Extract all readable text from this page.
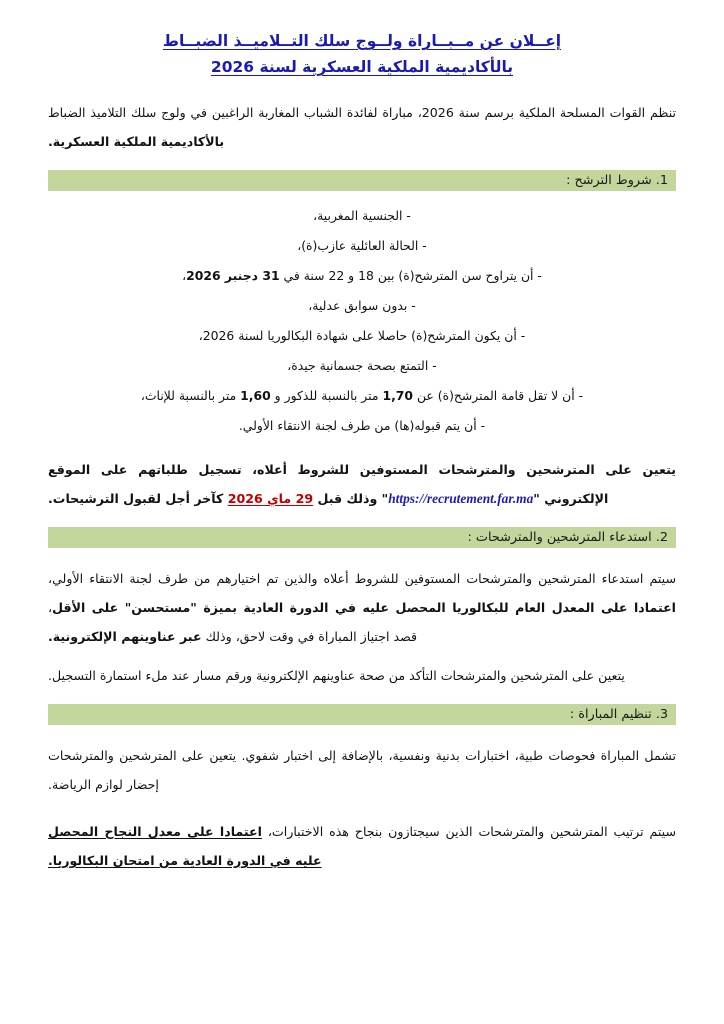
إعــلان عن مــبــاراة ولــوج سلك التــلاميــذ الضبــاط
بالأكاديمية الملكية العسكرية لسنة 2026

تنظم القوات المسلحة الملكية برسم سنة 2026، مباراة لفائدة الشباب المغاربة الراغبين في ولوج سلك التلاميذ الضباط بالأكاديمية الملكية العسكرية.

1. شروط الترشح :
- الجنسية المغربية،
- الحالة العائلية عازب(ة)،
- أن يتراوح سن المترشح(ة) بين 18 و 22 سنة في 31 دجنبر 2026،
- بدون سوابق عدلية،
- أن يكون المترشح(ة) حاصلا على شهادة البكالوريا لسنة 2026،
- التمتع بصحة جسمانية جيدة،
- أن لا تقل قامة المترشح(ة) عن 1,70 متر بالنسبة للذكور و 1,60 متر بالنسبة للإناث،
- أن يتم قبوله(ها) من طرف لجنة الانتقاء الأولي.

يتعين على المترشحين والمترشحات المستوفين للشروط أعلاه، تسجيل طلباتهم على الموقع الإلكتروني "https://recrutement.far.ma" وذلك قبل 29 ماي 2026 كآخر أجل لقبول الترشيحات.

2. استدعاء المترشحين والمترشحات :

سيتم استدعاء المترشحين والمترشحات المستوفين للشروط أعلاه والذين تم اختيارهم من طرف لجنة الانتقاء الأولي، اعتمادا على المعدل العام للبكالوريا المحصل عليه في الدورة العادية بميزة "مستحسن" على الأقل، قصد اجتياز المباراة في وقت لاحق، وذلك عبر عناوينهم الإلكترونية.

يتعين على المترشحين والمترشحات التأكد من صحة عناوينهم الإلكترونية ورقم مسار عند ملء استمارة التسجيل.

3. تنظيم المباراة :

تشمل المباراة فحوصات طبية، اختبارات بدنية ونفسية، بالإضافة إلى اختبار شفوي. يتعين على المترشحين والمترشحات إحضار لوازم الرياضة.

سيتم ترتيب المترشحين والمترشحات الذين سيجتازون بنجاح هذه الاختبارات، اعتمادا على معدل النجاح المحصل عليه في الدورة العادية من امتحان البكالوريا.
